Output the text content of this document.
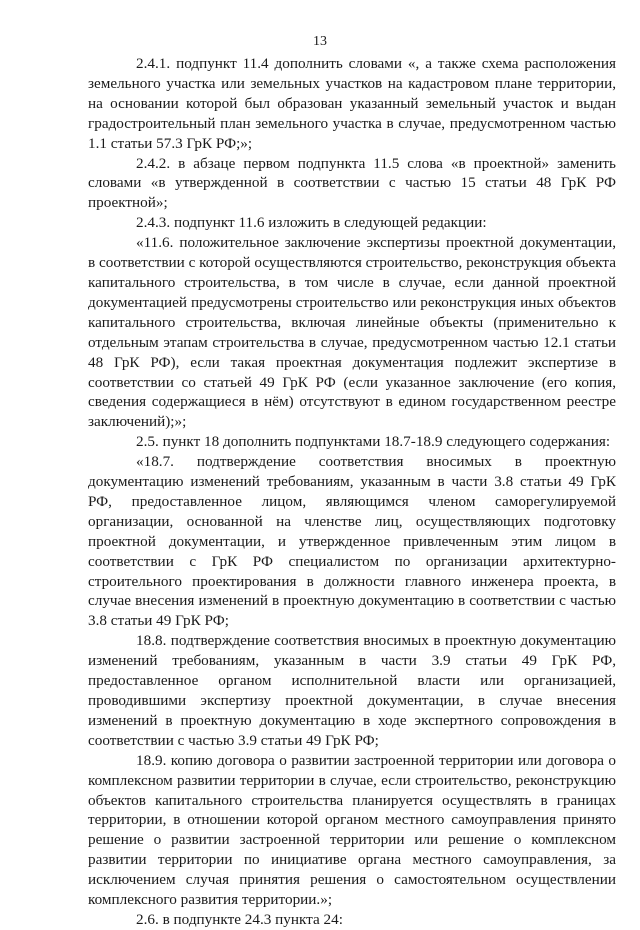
13

2.4.1. подпункт 11.4 дополнить словами «, а также схема расположения земельного участка или земельных участков на кадастровом плане территории, на основании которой был образован указанный земельный участок и выдан градостроительный план земельного участка в случае, предусмотренном частью 1.1 статьи 57.3 ГрК РФ;»;

2.4.2. в абзаце первом подпункта 11.5 слова «в проектной» заменить словами «в утвержденной в соответствии с частью 15 статьи 48 ГрК РФ проектной»;

2.4.3. подпункт 11.6 изложить в следующей редакции:

«11.6. положительное заключение экспертизы проектной документации, в соответствии с которой осуществляются строительство, реконструкция объекта капитального строительства, в том числе в случае, если данной проектной документацией предусмотрены строительство или реконструкция иных объектов капитального строительства, включая линейные объекты (применительно к отдельным этапам строительства в случае, предусмотренном частью 12.1 статьи 48 ГрК РФ), если такая проектная документация подлежит экспертизе в соответствии со статьей 49 ГрК РФ (если указанное заключение (его копия, сведения содержащиеся в нём) отсутствуют в едином государственном реестре заключений);»;

2.5. пункт 18 дополнить подпунктами 18.7-18.9 следующего содержания:

«18.7. подтверждение соответствия вносимых в проектную документацию изменений требованиям, указанным в части 3.8 статьи 49 ГрК РФ, предоставленное лицом, являющимся членом саморегулируемой организации, основанной на членстве лиц, осуществляющих подготовку проектной документации, и утвержденное привлеченным этим лицом в соответствии с ГрК РФ специалистом по организации архитектурно-строительного проектирования в должности главного инженера проекта, в случае внесения изменений в проектную документацию в соответствии с частью 3.8 статьи 49 ГрК РФ;

18.8. подтверждение соответствия вносимых в проектную документацию изменений требованиям, указанным в части 3.9 статьи 49 ГрК РФ, предоставленное органом исполнительной власти или организацией, проводившими экспертизу проектной документации, в случае внесения изменений в проектную документацию в ходе экспертного сопровождения в соответствии с частью 3.9 статьи 49 ГрК РФ;

18.9. копию договора о развитии застроенной территории или договора о комплексном развитии территории в случае, если строительство, реконструкцию объектов капитального строительства планируется осуществлять в границах территории, в отношении которой органом местного самоуправления принято решение о развитии застроенной территории или решение о комплексном развитии территории по инициативе органа местного самоуправления, за исключением случая принятия решения о самостоятельном осуществлении комплексного развития территории.»;

2.6. в подпункте 24.3 пункта 24:
